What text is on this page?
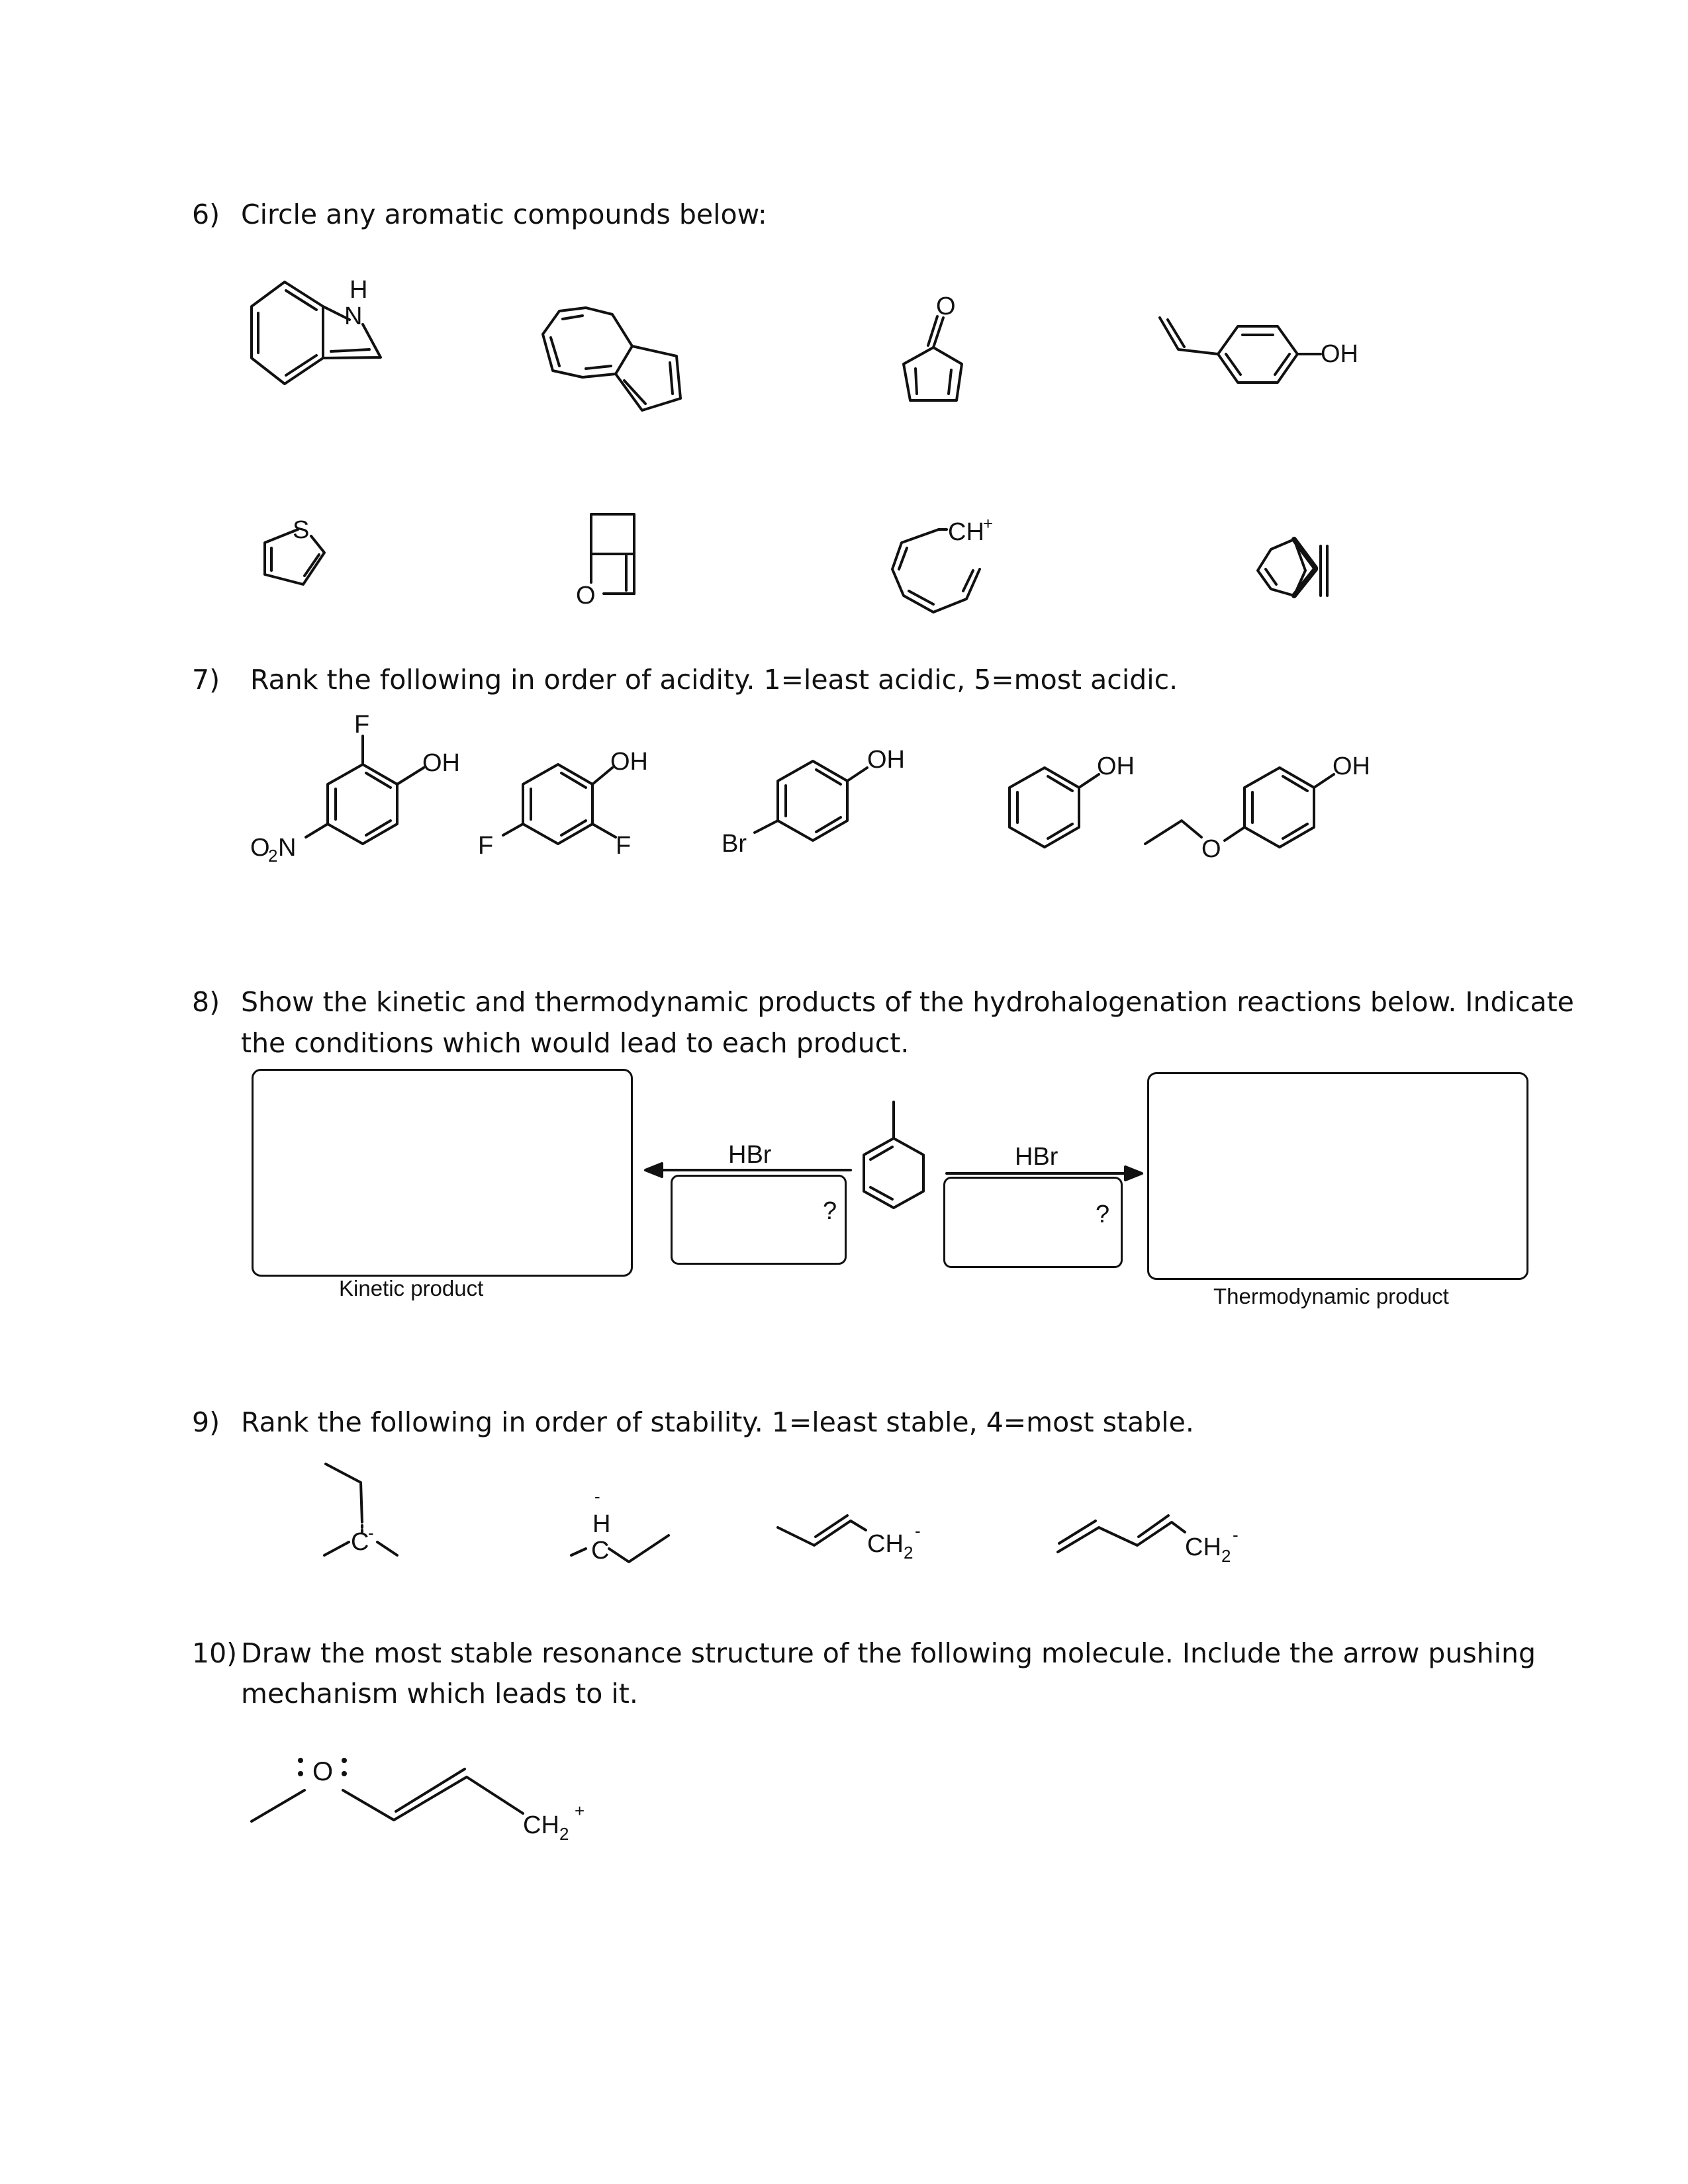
6) Circle any aromatic compounds below:
7) Rank the following in order of acidity. 1=least acidic, 5=most acidic.
8) Show the kinetic and thermodynamic products of the hydrohalogenation reactions below. Indicate
the conditions which would lead to each product.
9) Rank the following in order of stability. 1=least stable, 4=most stable.
10) Draw the most stable resonance structure of the following molecule. Include the arrow pushing
mechanism which leads to it.
Kinetic product	Thermodynamic product
H
N	O
OH
S
O
CH
+
F
OH
O
2 N
OH
F	F
OH
Br
OH	OH
O
HBr	HBr
?	?
C
-
-
H
C	CH 2
-
CH 2
-
O
CH 2
+
